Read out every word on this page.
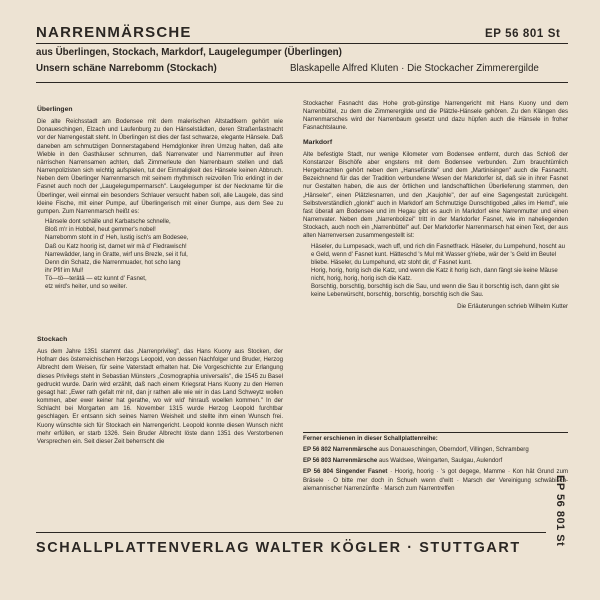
NARRENMÄRSCHE	EP 56 801 St
aus Überlingen, Stockach, Markdorf, Laugelegumper (Überlingen)
Unsern schäne Narrebomm (Stockach)	Blaskapelle Alfred Kluten · Die Stockacher Zimmerergilde
Überlingen

Die alte Reichsstadt am Bodensee mit dem malerischen Altstadtkern gehört wie Donaueschingen, Elzach und Laufenburg zu den Hänselstädten, deren Straßenfastnacht vor der Narrengestalt steht. In Überlingen ist dies der fast schwarze, elegante Hänsele. Daß daneben am schmutzigen Donnerstagabend Hemdglonker ihren Umzug halten, daß alte Wieble in den Gasthäuser schnurren, daß Narrenvater und Narrenmutter auf ihren närrischen Narrensamen achten, daß Zimmerleute den Narrenbaum stellen und daß Narrenpolizisten sich wichtig aufspielen, tut der Einmaligkeit des Hänsele keinen Abbruch. Neben dem Überlinger Narrenmarsch mit seinem rhythmisch reizvollen Trio erklingt in der Fasnet auch noch der „Laugelegumpermarsch". Laugelegumper ist der Neckname für die Überlinger, weil einmal ein besonders Schlauer versucht haben soll, alle Laugele, das sind kleine Fische, mit einer Pumpe, auf Überlingerisch mit einer Gumpe, aus dem See zu gumpen. Zum Narrenmarsch heißt es:

Hänsele dont schälle und Karbatsche schnelle,
Bloß m'r in Hobbel, heut gemmer's nobel!
Narrebomm stoht in d' Heh, lustig isch's am Bodesee,
Daß ou Katz hoorig ist, darnet wir mä d' Fledrawisch!
Narrewädder, lang in Gratte, wirf uns Brezle, sei it ful,
Denn din Schatz, die Narrenmuader, hot scho lang
ihr Pfif im Mul!
Tö—tö—terätä — etz kunnt d' Fasnet,
etz wird's heiter, und so weiter.
Stockach

Aus dem Jahre 1351 stammt das „Narrenprivileg", das Hans Kuony aus Stocken, der Hofnarr des österreichischen Herzogs Leopold, von dessen Nachfolger und Bruder, Herzog Albrecht dem Weisen, für seine Vaterstadt erhalten hat. Die Vorgeschichte zur Erlangung dieses Privilegs steht in Sebastian Münsters „Cosmographia universalis", die 1545 zu Basel gedruckt wurde. Darin wird erzählt, daß nach einem Kriegsrat Hans Kuony zu den Herren gesagt hat: „Ewer rath gefalt mir nit, dan jr rathen alle wie wir in das Land Schweytz wollen kommen, aber ewer keiner hat gerathe, wo wir wid' hinrauß woellen kommen." In der Schlacht bei Morgarten am 16. November 1315 wurde Herzog Leopold furchtbar geschlagen. Er entsann sich seines Narren Weisheit und stellte ihm einen Wunsch frei. Kuony wünschte sich für Stockach ein Narrengericht. Leopold konnte diesen Wunsch nicht mehr erfüllen, er starb 1326. Sein Bruder Albrecht löste dann 1351 des Verstorbenen Versprechen ein. Seit dieser Zeit beherrscht die

Stockacher Fasnacht das Hohe grob-günstige Narrengericht mit Hans Kuony und dem Narrenbüttel, zu dem die Zimmerergilde und die Plätzle-Hänsele gehören. Zu den Klängen des Narrenmarsches wird der Narrenbaum gesetzt und dazu hüpfen auch die Hänsele in froher Fasnachtslaune.

Markdorf

Alte befestigte Stadt, nur wenige Kilometer vom Bodensee entfernt, durch das Schloß der Konstanzer Bischöfe aber engstens mit dem Bodensee verbunden. Zum brauchtümlich Hergebrachten gehört neben dem „Hansefürstle" und dem „Martinisingen" auch die Fasnacht. Bezeichnend für das der Tradition verbundene Wesen der Markdorfer ist, daß sie in ihrer Fasnet nur Gestalten haben, die aus der örtlichen und landschaftlichen Überlieferung stammen, den „Hänseler", einen Plätzlesnarren, und den „Kaujohle", der auf eine Sagengestalt zurückgeht. Selbstverständlich „glonkt" auch in Markdorf am Schmutzige Dunschtigobed „alles im Hemd", wie fast überall am Bodensee und im Hegau gibt es auch in Markdorf eine Narrenmutter und einen Narrenvater. Neben dem „Narrenbolizei" tritt in der Markdorfer Fasnet, wie im naheliegenden Stockach, auch noch ein „Narrenbüttel" auf. Der Markdorfer Narrenmarsch hat einen Text, der aus alten Narrenversen zusammengestellt ist:

Häseler, du Lumpesack, wach uff, und rich din Fasnetfrack. Häseler, du Lumpehund, hoscht au e Geld, wenn d' Fasnet kunt. Hätteschd 's Mul mit Wasser g'riebe, wär der 's Geld im Beutel bliebe. Häseler, du Lumpehund, etz stoht dir, d' Fasnet kunt.

Horig, horig, horig isch die Katz, und wenn die Katz it horig isch, dann fängt sie keine Mäuse nicht, horig, horig, horig isch die Katz.

Borschtig, borschtig, borschtig isch die Sau, und wenn die Sau it borschtig isch, dann gibt sie keine Leberwürscht, borschtig, borschtig, borschtig isch die Sau.

Die Erläuterungen schrieb Wilhelm Kutter
Ferner erschienen in dieser Schallplattenreihe:
EP 56 802 Narrenmärsche aus Donaueschingen, Oberndorf, Villingen, Schramberg
EP 56 803 Narrenmärsche aus Waldsee, Weingarten, Saulgau, Aulendorf
EP 56 804 Singender Fasnet · Hoorig, hoorig · 's got degege, Mamme · Kon hät Grund zum Bräsele · O bitte mer doch in Schueh wenn d'witt · Marsch der Vereinigung schwäbisch-alemannischer Narrenzünfte · Marsch zum Narrentreffen
SCHALLPLATTENVERLAG WALTER KÖGLER · STUTTGART
EP 56 801 St
